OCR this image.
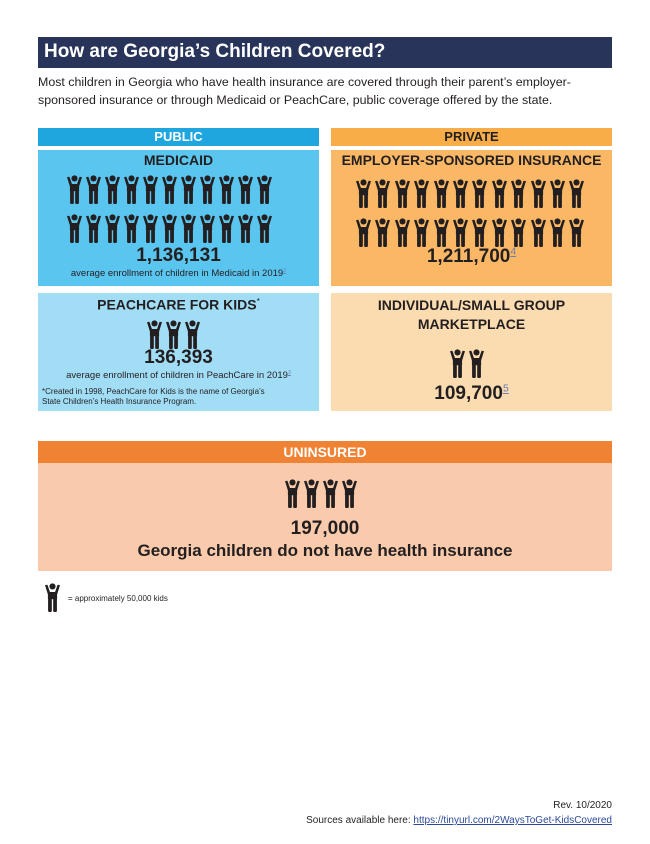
How are Georgia’s Children Covered?
Most children in Georgia who have health insurance are covered through their parent’s employer-sponsored insurance or through Medicaid or PeachCare, public coverage offered by the state.
PUBLIC	PRIVATE
MEDICAID
1,136,131
average enrollment of children in Medicaid in 2019$^2$
EMPLOYER-SPONSORED INSURANCE
1,211,700$^4$
PEACHCARE FOR KIDS*
136,393
average enrollment of children in PeachCare in 2019$^3$
*Created in 1998, PeachCare for Kids is the name of Georgia’s
State Children’s Health Insurance Program.
INDIVIDUAL/SMALL GROUP
MARKETPLACE
109,700$^5$
UNINSURED
197,000
Georgia children do not have health insurance
= approximately 50,000 kids
Rev. 10/2020
Sources available here: https://tinyurl.com/2WaysToGet-KidsCovered
